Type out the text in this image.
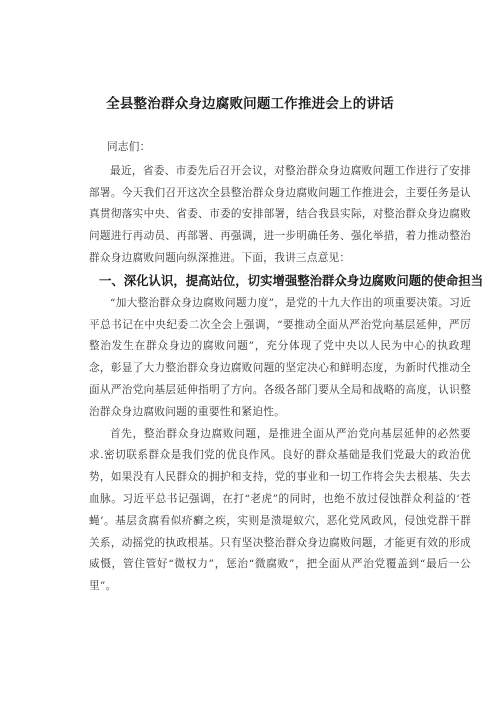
全县整治群众身边腐败问题工作推进会上的讲话

同志们：

最近，省委、市委先后召开会议，对整治群众身边腐败问题工作进行了安排部署。今天我们召开这次全县整治群众身边腐败问题工作推进会，主要任务是认真贯彻落实中央、省委、市委的安排部署，结合我县实际，对整治群众身边腐败问题进行再动员、再部署、再强调，进一步明确任务、强化举措，着力推动整治群众身边腐败问题向纵深推进。下面，我讲三点意见：

一、深化认识，提高站位，切实增强整治群众身边腐败问题的使命担当

“加大整治群众身边腐败问题力度”，是党的十九大作出的项重要决策。习近平总书记在中央纪委二次全会上强调，“要推动全面从严治党向基层延伸，严厉整治发生在群众身边的腐败问题”，充分体现了党中央以人民为中心的执政理念，彰显了大力整治群众身边腐败问题的坚定决心和鲜明态度，为新时代推动全面从严治党向基层延伸指明了方向。各级各部门要从全局和战略的高度，认识整治群众身边腐败问题的重要性和紧迫性。

首先，整治群众身边腐败问题，是推进全面从严治党向基层延伸的必然要求.密切联系群众是我们党的优良作风。良好的群众基础是我们党最大的政治优势，如果没有人民群众的拥护和支持，党的事业和一切工作将会失去根基、失去血脉。习近平总书记强调，在打“老虎”的同时，也绝不放过侵蚀群众利益的‘苍蝇’。基层贪腐看似疥癣之疾，实则是溃堤蚁穴，恶化党风政风，侵蚀党群干群关系，动摇党的执政根基。只有坚决整治群众身边腐败问题，才能更有效的形成威慑，管住管好“微权力”，惩治“微腐败”，把全面从严治党覆盖到“最后一公里”。
